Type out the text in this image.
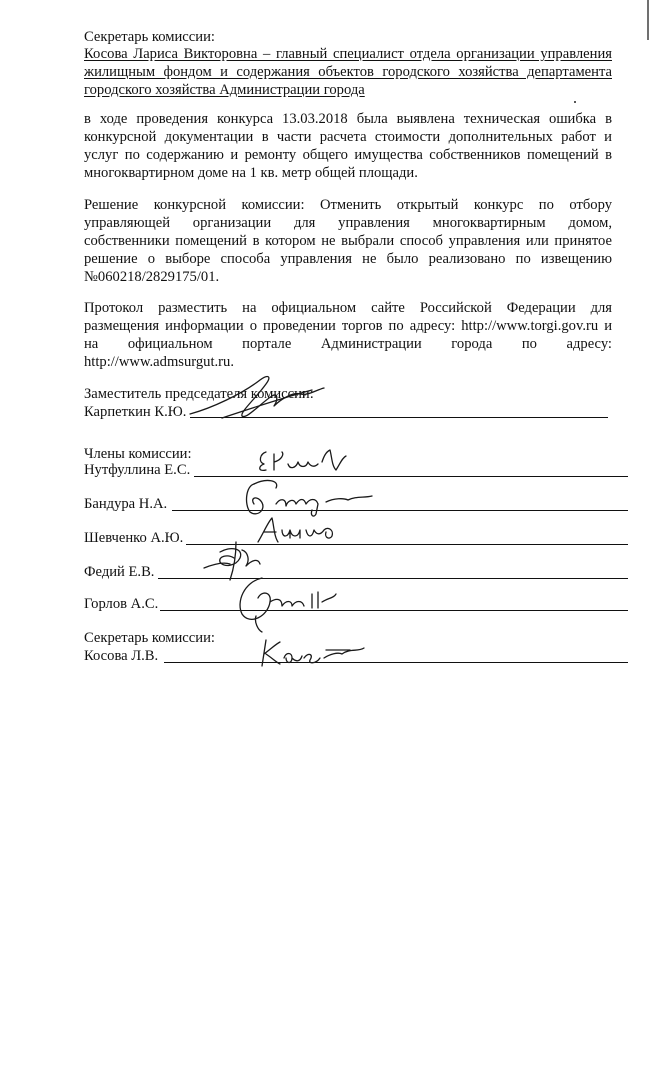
Секретарь комиссии:
Косова Лариса Викторовна – главный специалист отдела организации управления
жилищным фондом и содержания объектов городского хозяйства департамента
городского хозяйства Администрации города
в ходе проведения конкурса 13.03.2018 была выявлена техническая ошибка в
конкурсной документации в части расчета стоимости дополнительных работ и
услуг по содержанию и ремонту общего имущества собственников помещений в
многоквартирном доме на 1 кв. метр общей площади.
Решение конкурсной комиссии: Отменить открытый конкурс по отбору
управляющей организации для управления многоквартирным домом,
собственники помещений в котором не выбрали способ управления или принятое
решение о выборе способа управления не было реализовано по извещению
№060218/2829175/01.
Протокол разместить на официальном сайте Российской Федерации для
размещения информации о проведении торгов по адресу: http://www.torgi.gov.ru и
на официальном портале Администрации города по адресу:
http://www.admsurgut.ru.
Заместитель председателя комиссии:
Карпеткин К.Ю.
Члены комиссии:
Нутфуллина Е.С.
Бандура Н.А.
Шевченко А.Ю.
Федий Е.В.
Горлов А.С.
Секретарь комиссии:
Косова Л.В.
